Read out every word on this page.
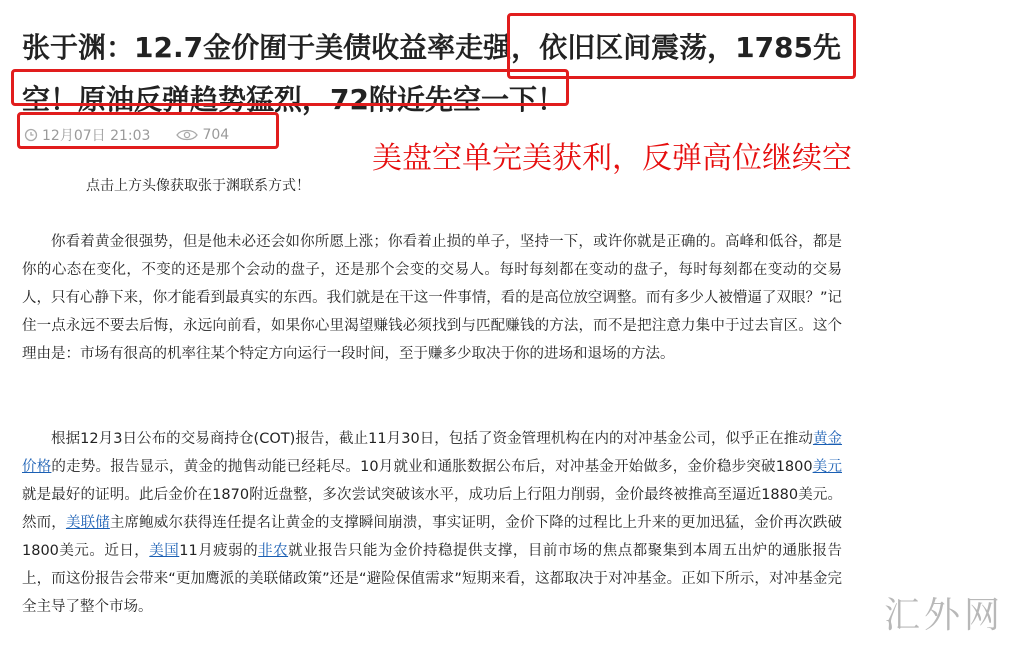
张于渊：12.7金价囿于美债收益率走强，依旧区间震荡，1785先空！原油反弹趋势猛烈，72附近先空一下！
12月07日 21:03	704
美盘空单完美获利，反弹高位继续空
点击上方头像获取张于渊联系方式！

你看着黄金很强势，但是他未必还会如你所愿上涨；你看着止损的单子，坚持一下，或许你就是正确的。高峰和低谷，都是你的心态在变化，不变的还是那个会动的盘子，还是那个会变的交易人。每时每刻都在变动的盘子，每时每刻都在变动的交易人，只有心静下来，你才能看到最真实的东西。我们就是在干这一件事情，看的是高位放空调整。而有多少人被懵逼了双眼？”记住一点永远不要去后悔，永远向前看，如果你心里渴望赚钱必须找到与匹配赚钱的方法，而不是把注意力集中于过去盲区。这个理由是：市场有很高的机率往某个特定方向运行一段时间，至于赚多少取决于你的进场和退场的方法。

根据12月3日公布的交易商持仓(COT)报告，截止11月30日，包括了资金管理机构在内的对冲基金公司，似乎正在推动黄金价格的走势。报告显示，黄金的抛售动能已经耗尽。10月就业和通胀数据公布后，对冲基金开始做多，金价稳步突破1800美元就是最好的证明。此后金价在1870附近盘整，多次尝试突破该水平，成功后上行阻力削弱，金价最终被推高至逼近1880美元。然而，美联储主席鲍威尔获得连任提名让黄金的支撑瞬间崩溃，事实证明，金价下降的过程比上升来的更加迅猛，金价再次跌破1800美元。近日，美国11月疲弱的非农就业报告只能为金价持稳提供支撑，目前市场的焦点都聚集到本周五出炉的通胀报告上，而这份报告会带来“更加鹰派的美联储政策”还是“避险保值需求”短期来看，这都取决于对冲基金。正如下所示，对冲基金完全主导了整个市场。	汇外网
